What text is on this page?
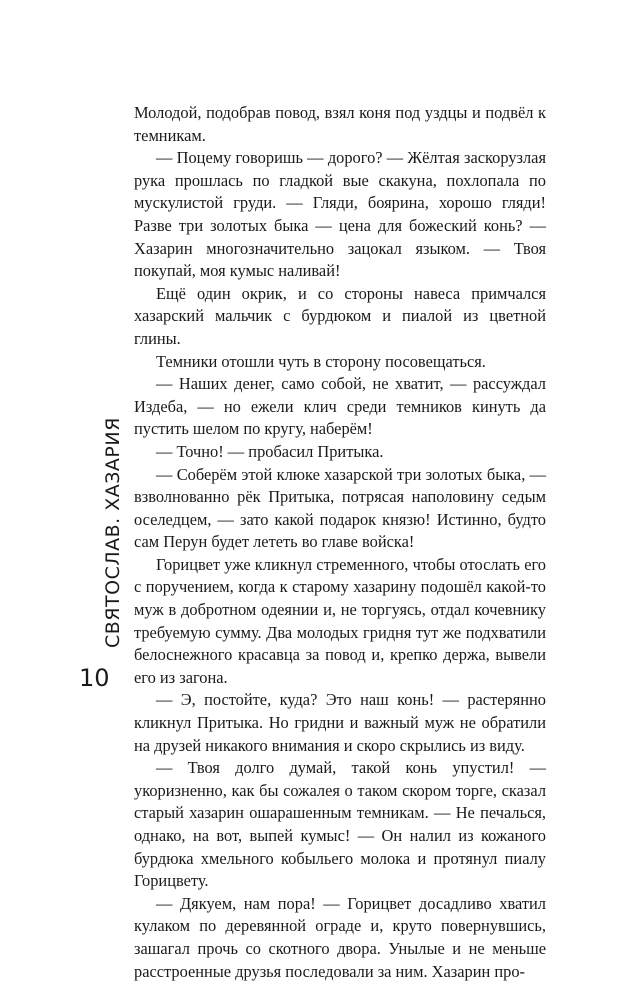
СВЯТОСЛАВ. ХАЗАРИЯ
10

Молодой, подобрав повод, взял коня под уздцы и подвёл к темникам.

— Поцему говоришь — дорого? — Жёлтая заскорузлая рука прошлась по гладкой вые скакуна, похлопала по мускулистой груди. — Гляди, боярина, хорошо гляди! Разве три золотых быка — цена для божеский конь? — Хазарин многозначительно зацокал языком. — Твоя покупай, моя кумыс наливай!

Ещё один окрик, и со стороны навеса примчался хазарский мальчик с бурдюком и пиалой из цветной глины.

Темники отошли чуть в сторону посовещаться.

— Наших денег, само собой, не хватит, — рассуждал Издеба, — но ежели клич среди темников кинуть да пустить шелом по кругу, наберём!

— Точно! — пробасил Притыка.

— Соберём этой клюке хазарской три золотых быка, — взволнованно рёк Притыка, потрясая наполовину седым оселедцем, — зато какой подарок князю! Истинно, будто сам Перун будет лететь во главе войска!

Горицвет уже кликнул стременного, чтобы отослать его с поручением, когда к старому хазарину подошёл какой-то муж в добротном одеянии и, не торгуясь, отдал кочевнику требуемую сумму. Два молодых гридня тут же подхватили белоснежного красавца за повод и, крепко держа, вывели его из загона.

— Э, постойте, куда? Это наш конь! — растерянно кликнул Притыка. Но гридни и важный муж не обратили на друзей никакого внимания и скоро скрылись из виду.

— Твоя долго думай, такой конь упустил! — укоризненно, как бы сожалея о таком скором торге, сказал старый хазарин ошарашенным темникам. — Не печалься, однако, на вот, выпей кумыс! — Он налил из кожаного бурдюка хмельного кобыльего молока и протянул пиалу Горицвету.

— Дякуем, нам пора! — Горицвет досадливо хватил кулаком по деревянной ограде и, круто повернувшись, зашагал прочь со скотного двора. Унылые и не меньше расстроенные друзья последовали за ним. Хазарин про-
